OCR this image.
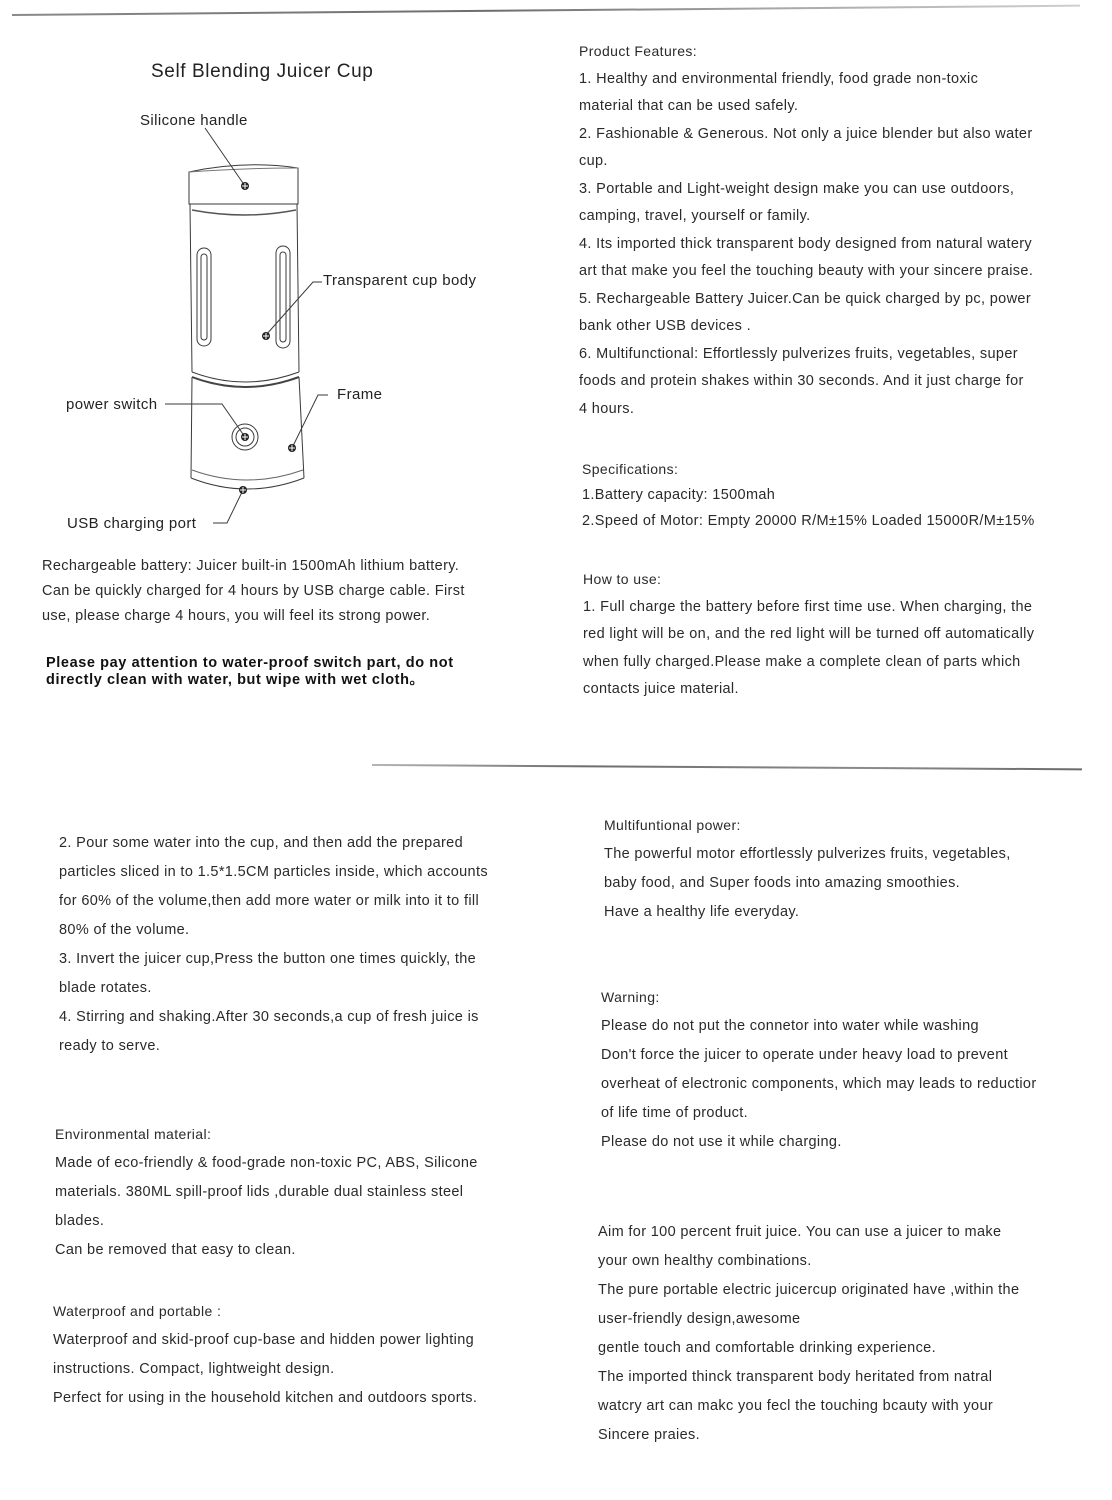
Self Blending Juicer Cup
Silicone handle
Transparent cup body
Frame
power switch
USB charging port
Rechargeable battery: Juicer built-in 1500mAh lithium battery.
Can be quickly charged for 4 hours by USB charge cable. First
use, please charge 4 hours, you will feel its strong power.
Please pay attention to water-proof switch part, do not
directly clean with water, but wipe with wet cloth。
Product Features:
1. Healthy and environmental friendly, food grade non-toxic
material that can be used safely.
2. Fashionable & Generous. Not only a juice blender but also water
cup.
3. Portable and Light-weight design make you can use outdoors,
camping, travel, yourself or family.
4. Its imported thick transparent body designed from natural watery
art that make you feel the touching beauty with your sincere praise.
5. Rechargeable Battery Juicer.Can be quick charged by pc, power
bank other USB devices .
6. Multifunctional: Effortlessly pulverizes fruits, vegetables, super
foods and protein shakes within 30 seconds. And it just charge for
4 hours.
Specifications:
1.Battery capacity: 1500mah
2.Speed of Motor: Empty 20000 R/M±15% Loaded 15000R/M±15%
How to use:
1. Full charge the battery before first time use. When charging, the
red light will be on, and the red light will be turned off automatically
when fully charged.Please make a complete clean of parts which
contacts juice material.
2. Pour some water into the cup, and then add the prepared
particles sliced in to 1.5*1.5CM particles inside, which accounts
for 60% of the volume,then add more water or milk into it to fill
80% of the volume.
3. Invert the juicer cup,Press the button one times quickly, the
blade rotates.
4. Stirring and shaking.After 30 seconds,a cup of fresh juice is
ready to serve.
Environmental material:
Made of eco-friendly & food-grade non-toxic PC, ABS, Silicone
materials. 380ML spill-proof lids ,durable dual stainless steel
blades.
Can be removed that easy to clean.
Waterproof and portable :
Waterproof and skid-proof cup-base and hidden power lighting
instructions. Compact, lightweight design.
Perfect for using in the household kitchen and outdoors sports.
Multifuntional power:
The powerful motor effortlessly pulverizes fruits, vegetables,
baby food, and Super foods into amazing smoothies.
Have a healthy life everyday.
Warning:
Please do not put the connetor into water while washing
Don't force the juicer to operate under heavy load to prevent
overheat of electronic components, which may leads to reductior
of life time of product.
Please do not use it while charging.
Aim for 100 percent fruit juice. You can use a juicer to make
your own healthy combinations.
The pure portable electric juicercup originated have ,within the
user-friendly design,awesome
gentle touch and comfortable drinking experience.
The imported thinck transparent body heritated from natral
watcry art can makc you fecl the touching bcauty with your
Sincere praies.
